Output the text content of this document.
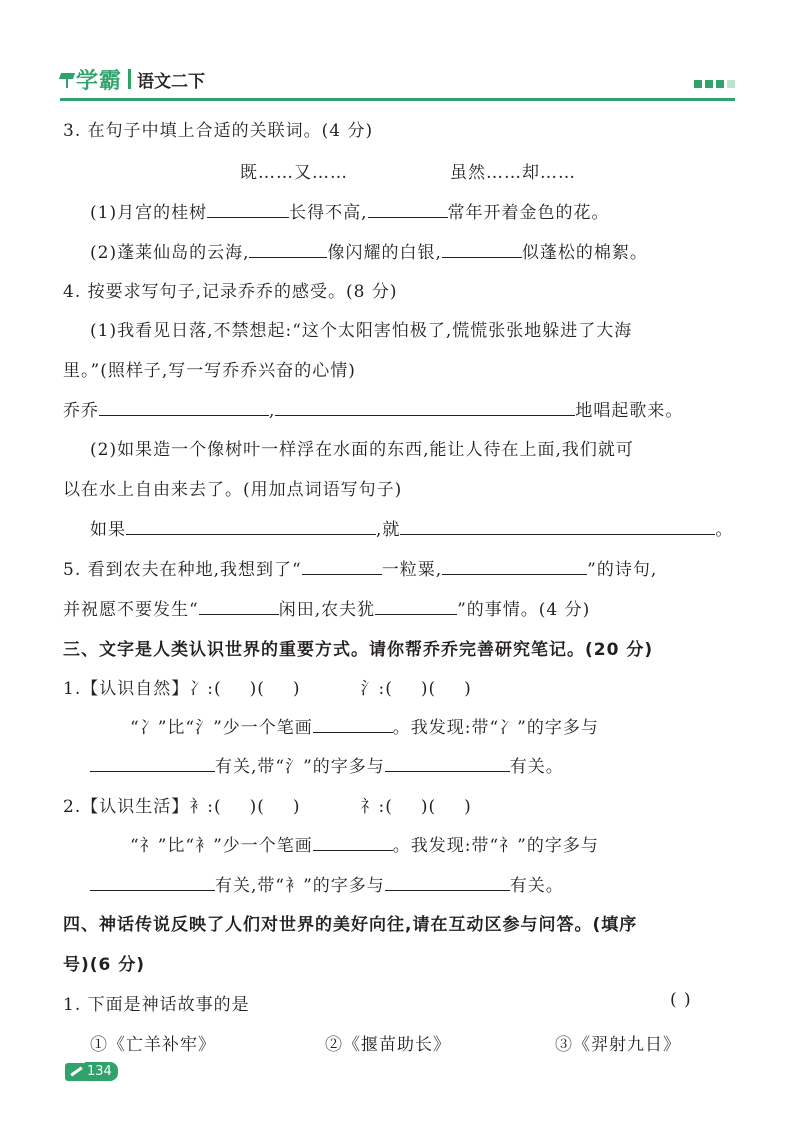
学霸 语文二下
3. 在句子中填上合适的关联词。(4 分)
既……又……	虽然……却……
(1)月宫的桂树	长得不高,	常年开着金色的花。
(2)蓬莱仙岛的云海,	像闪耀的白银,	似蓬松的棉絮。
4. 按要求写句子,记录乔乔的感受。(8 分)
(1)我看见日落,不禁想起:“这个太阳害怕极了,慌慌张张地躲进了大海
里。”(照样子,写一写乔乔兴奋的心情)
乔乔	,	地唱起歌来。
(2)如果造一个像树叶一样浮在水面的东西,能让人待在上面,我们就可
以在水上自由来去了。(用加点词语写句子)
如果	,就	。
5. 看到农夫在种地,我想到了“	一粒粟,	”的诗句,
并祝愿不要发生“	闲田,农夫犹	”的事情。(4 分)
三、文字是人类认识世界的重要方式。请你帮乔乔完善研究笔记。(20 分)
1.【认识自然】冫:( )( )	氵:( )( )
“冫”比“氵”少一个笔画	。我发现:带“冫”的字多与
有关,带“氵”的字多与	有关。
2.【认识生活】衤:( )( )	礻:( )( )
“礻”比“衤”少一个笔画	。我发现:带“礻”的字多与
有关,带“衤”的字多与	有关。
四、神话传说反映了人们对世界的美好向往,请在互动区参与问答。(填序
号)(6 分)
1. 下面是神话故事的是	( )
①《亡羊补牢》	②《揠苗助长》	③《羿射九日》
134
